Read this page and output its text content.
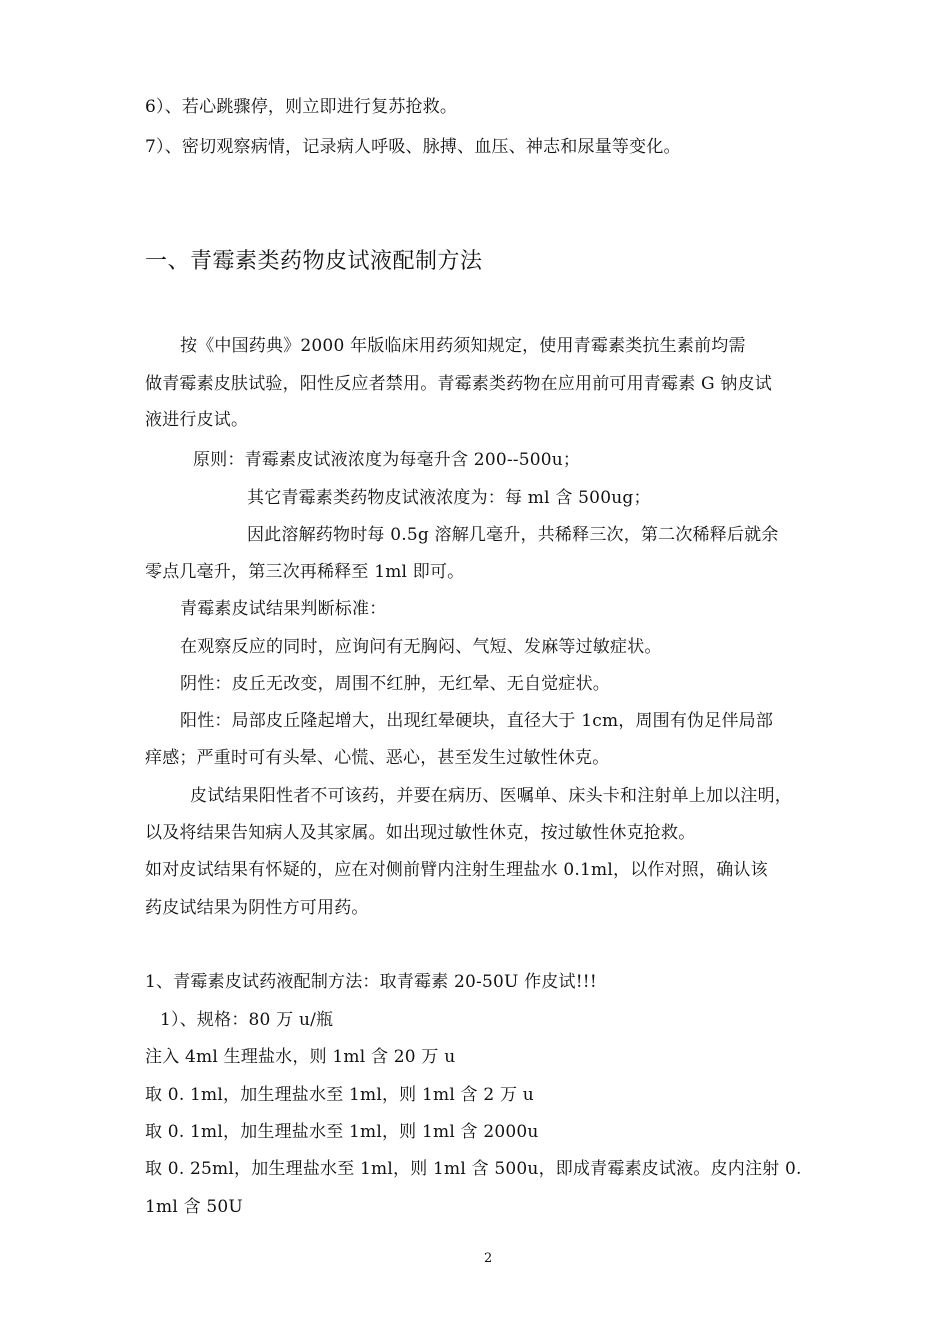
6）、若心跳骤停，则立即进行复苏抢救。
7）、密切观察病情，记录病人呼吸、脉搏、血压、神志和尿量等变化。
一、青霉素类药物皮试液配制方法
按《中国药典》2000 年版临床用药须知规定，使用青霉素类抗生素前均需
做青霉素皮肤试验，阳性反应者禁用。青霉素类药物在应用前可用青霉素 G 钠皮试
液进行皮试。
原则：青霉素皮试液浓度为每毫升含 200--500u；
其它青霉素类药物皮试液浓度为：每 ml 含 500ug；
因此溶解药物时每 0.5g 溶解几毫升，共稀释三次，第二次稀释后就余
零点几毫升，第三次再稀释至 1ml 即可。
青霉素皮试结果判断标准：
在观察反应的同时，应询问有无胸闷、气短、发麻等过敏症状。
阴性：皮丘无改变，周围不红肿，无红晕、无自觉症状。
阳性：局部皮丘隆起增大，出现红晕硬块，直径大于 1cm，周围有伪足伴局部
痒感；严重时可有头晕、心慌、恶心，甚至发生过敏性休克。
皮试结果阳性者不可该药，并要在病历、医嘱单、床头卡和注射单上加以注明，
以及将结果告知病人及其家属。如出现过敏性休克，按过敏性休克抢救。
如对皮试结果有怀疑的，应在对侧前臂内注射生理盐水 0.1ml，以作对照，确认该
药皮试结果为阴性方可用药。
1、青霉素皮试药液配制方法：取青霉素 20-50U 作皮试!!!
1）、规格：80 万 u/瓶
注入 4ml 生理盐水，则 1ml 含 20 万 u
取 0. 1ml，加生理盐水至 1ml，则 1ml 含 2 万 u
取 0. 1ml，加生理盐水至 1ml，则 1ml 含 2000u
取 0. 25ml，加生理盐水至 1ml，则 1ml 含 500u，即成青霉素皮试液。皮内注射 0.
1ml 含 50U
2
